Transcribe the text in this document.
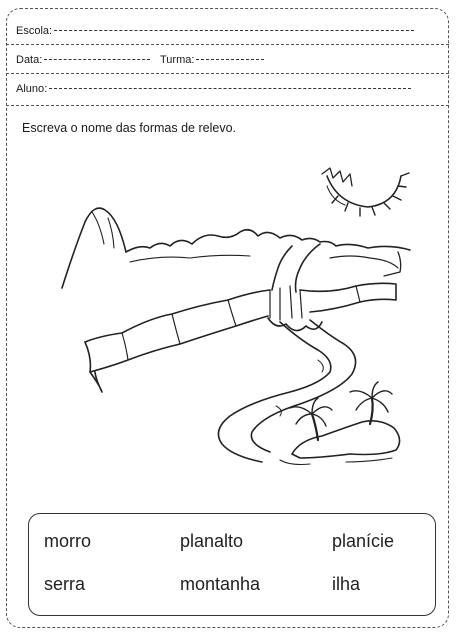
Escola:
Data:	Turma:
Aluno:
Escreva o nome das formas de relevo.
morro	planalto	planície
serra	montanha	ilha
